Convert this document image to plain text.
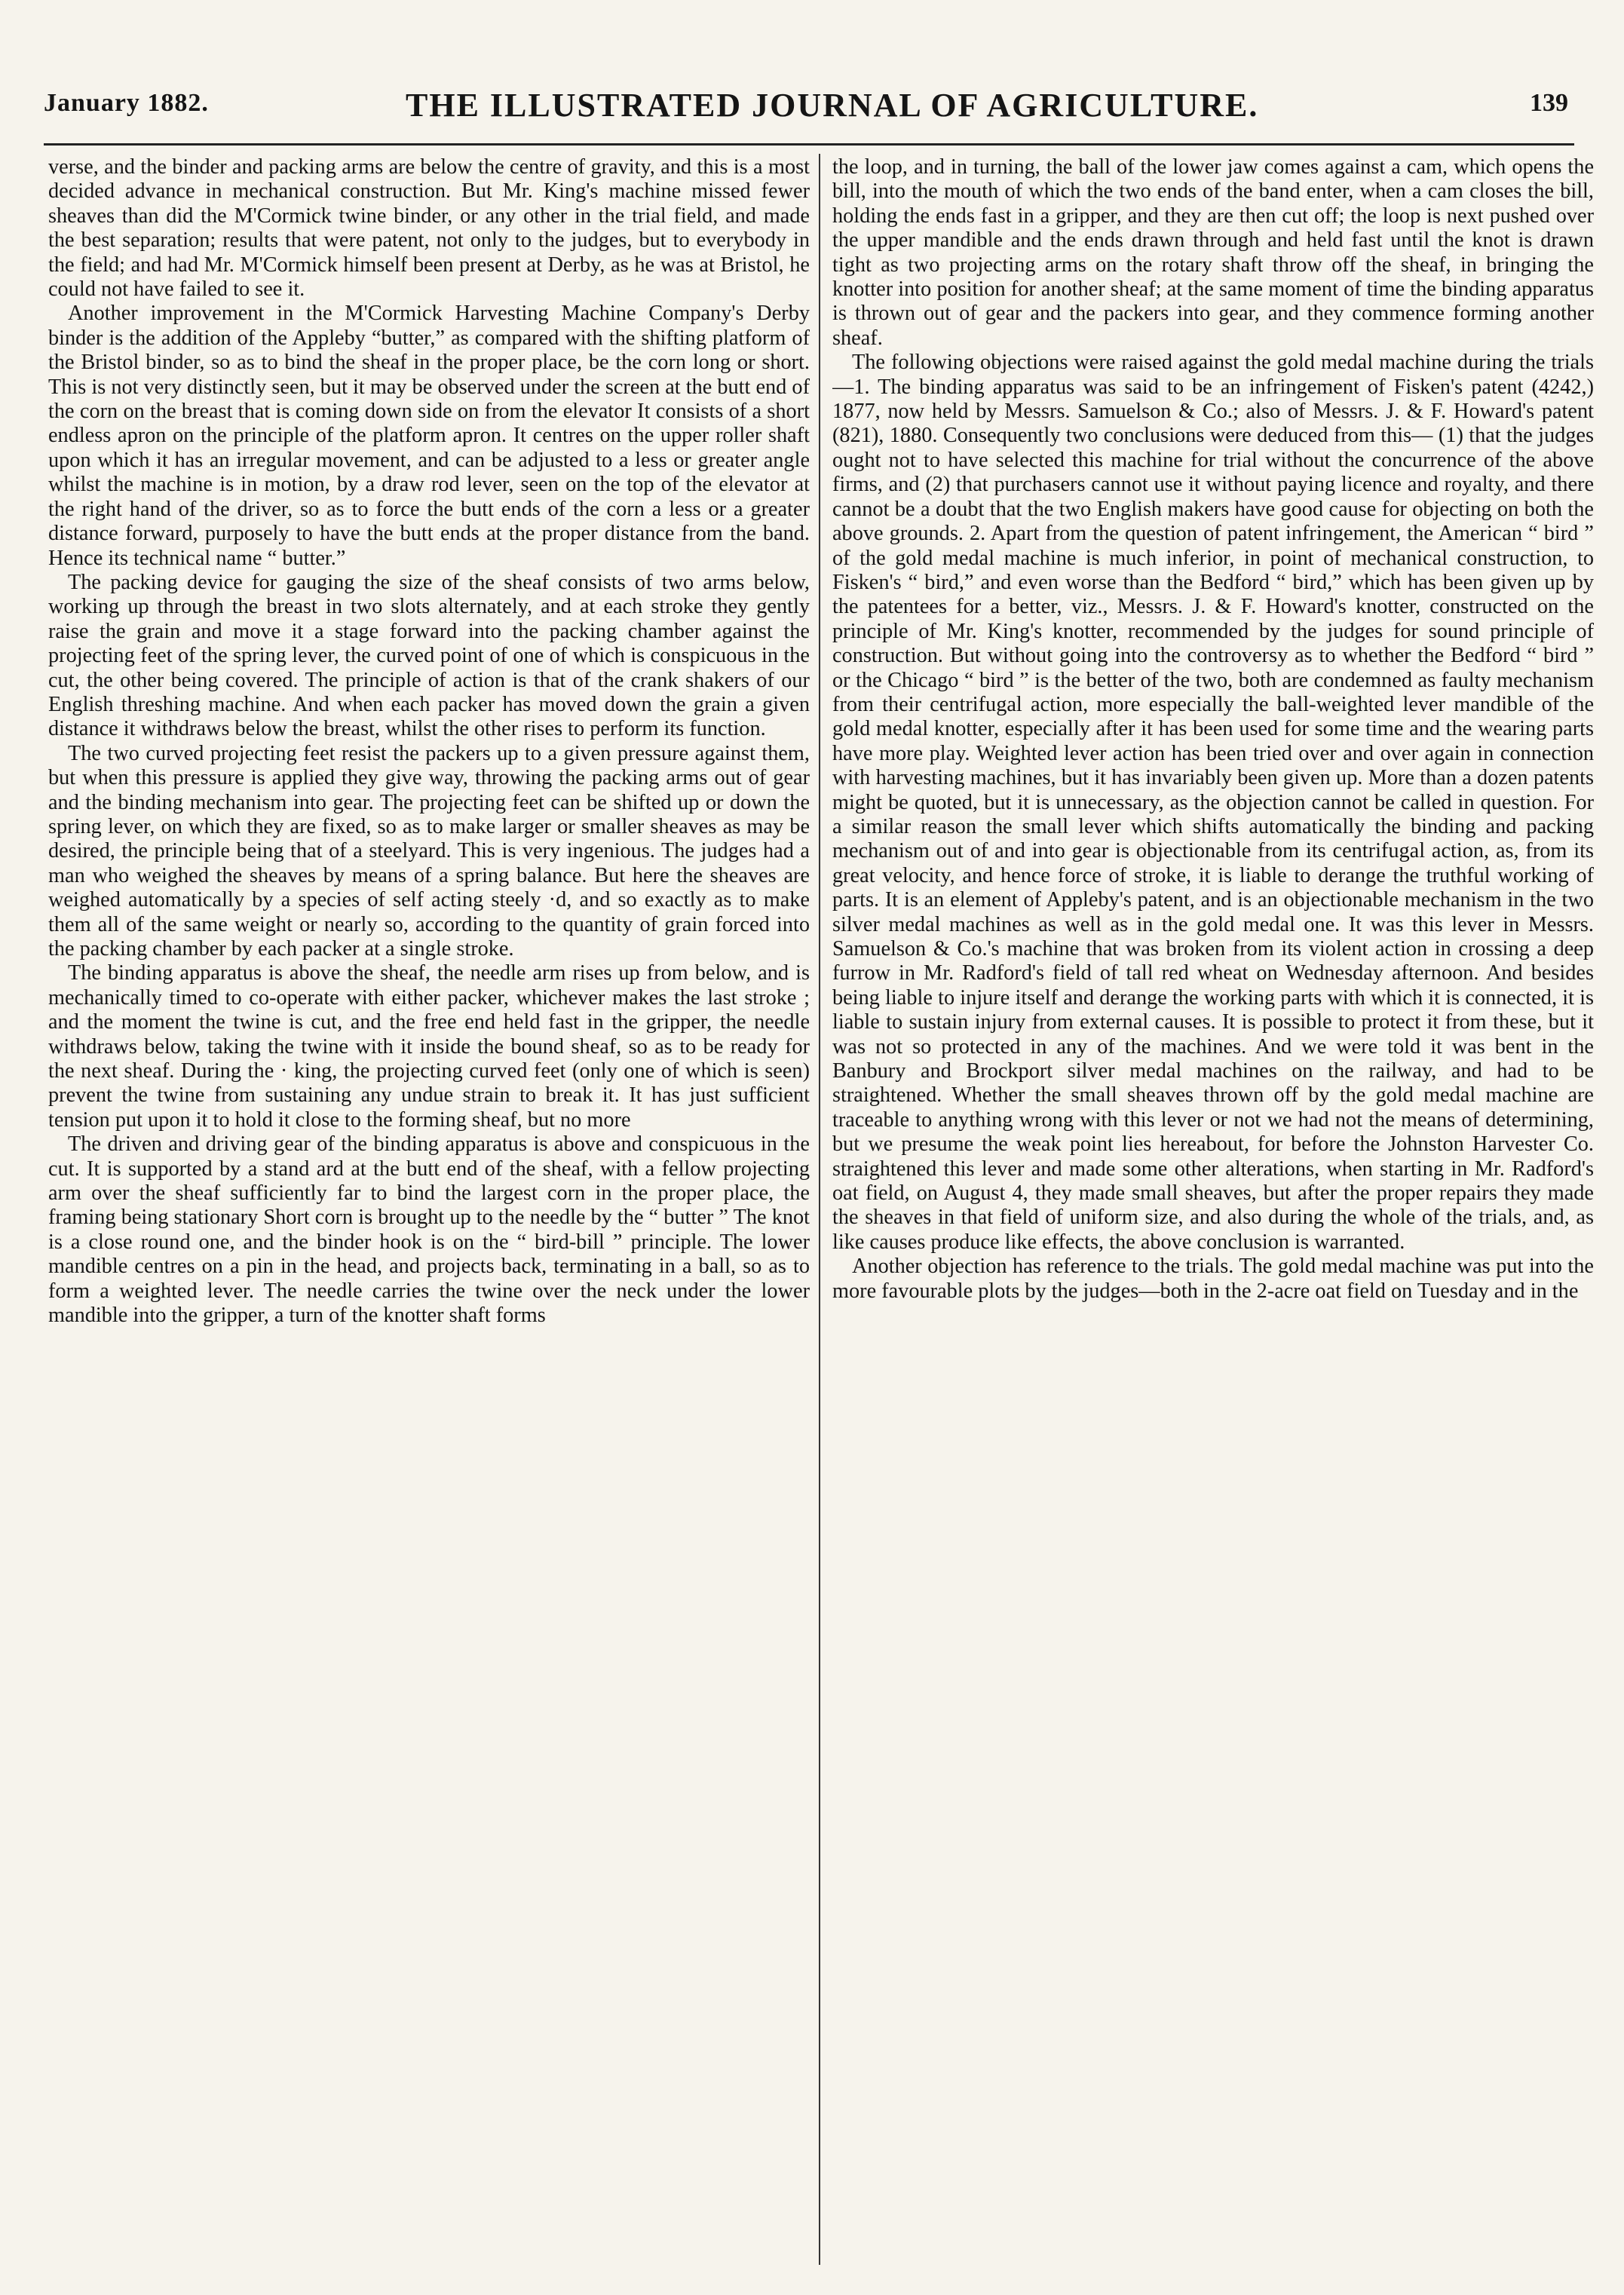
January 1882.	THE ILLUSTRATED JOURNAL OF AGRICULTURE.	139

verse, and the binder and packing arms are below the centre of gravity, and this is a most decided advance in mechanical construction. But Mr. King's machine missed fewer sheaves than did the M'Cormick twine binder, or any other in the trial field, and made the best separation; results that were patent, not only to the judges, but to everybody in the field; and had Mr. M'Cormick himself been present at Derby, as he was at Bristol, he could not have failed to see it.

Another improvement in the M'Cormick Harvesting Machine Company's Derby binder is the addition of the Appleby “butter,” as compared with the shifting platform of the Bristol binder, so as to bind the sheaf in the proper place, be the corn long or short. This is not very distinctly seen, but it may be observed under the screen at the butt end of the corn on the breast that is coming down side on from the elevator It consists of a short endless apron on the principle of the platform apron. It centres on the upper roller shaft upon which it has an irregular movement, and can be adjusted to a less or greater angle whilst the machine is in motion, by a draw rod lever, seen on the top of the elevator at the right hand of the driver, so as to force the butt ends of the corn a less or a greater distance forward, purposely to have the butt ends at the proper distance from the band. Hence its technical name “ butter.”

The packing device for gauging the size of the sheaf consists of two arms below, working up through the breast in two slots alternately, and at each stroke they gently raise the grain and move it a stage forward into the packing chamber against the projecting feet of the spring lever, the curved point of one of which is conspicuous in the cut, the other being covered. The principle of action is that of the crank shakers of our English threshing machine. And when each packer has moved down the grain a given distance it withdraws below the breast, whilst the other rises to perform its function.

The two curved projecting feet resist the packers up to a given pressure against them, but when this pressure is applied they give way, throwing the packing arms out of gear and the binding mechanism into gear. The projecting feet can be shifted up or down the spring lever, on which they are fixed, so as to make larger or smaller sheaves as may be desired, the principle being that of a steelyard. This is very ingenious. The judges had a man who weighed the sheaves by means of a spring balance. But here the sheaves are weighed automatically by a species of self acting steely ·d, and so exactly as to make them all of the same weight or nearly so, according to the quantity of grain forced into the packing chamber by each packer at a single stroke.

The binding apparatus is above the sheaf, the needle arm rises up from below, and is mechanically timed to co-operate with either packer, whichever makes the last stroke ; and the moment the twine is cut, and the free end held fast in the gripper, the needle withdraws below, taking the twine with it inside the bound sheaf, so as to be ready for the next sheaf. During the · king, the projecting curved feet (only one of which is seen) prevent the twine from sustaining any undue strain to break it. It has just sufficient tension put upon it to hold it close to the forming sheaf, but no more

The driven and driving gear of the binding apparatus is above and conspicuous in the cut. It is supported by a stand ard at the butt end of the sheaf, with a fellow projecting arm over the sheaf sufficiently far to bind the largest corn in the proper place, the framing being stationary Short corn is brought up to the needle by the “ butter ” The knot is a close round one, and the binder hook is on the “ bird-bill ” principle. The lower mandible centres on a pin in the head, and projects back, terminating in a ball, so as to form a weighted lever. The needle carries the twine over the neck under the lower mandible into the gripper, a turn of the knotter shaft forms

the loop, and in turning, the ball of the lower jaw comes against a cam, which opens the bill, into the mouth of which the two ends of the band enter, when a cam closes the bill, holding the ends fast in a gripper, and they are then cut off; the loop is next pushed over the upper mandible and the ends drawn through and held fast until the knot is drawn tight as two projecting arms on the rotary shaft throw off the sheaf, in bringing the knotter into position for another sheaf; at the same moment of time the binding apparatus is thrown out of gear and the packers into gear, and they commence forming another sheaf.

The following objections were raised against the gold medal machine during the trials—1. The binding apparatus was said to be an infringement of Fisken's patent (4242,) 1877, now held by Messrs. Samuelson & Co.; also of Messrs. J. & F. Howard's patent (821), 1880. Consequently two conclusions were deduced from this— (1) that the judges ought not to have selected this machine for trial without the concurrence of the above firms, and (2) that purchasers cannot use it without paying licence and royalty, and there cannot be a doubt that the two English makers have good cause for objecting on both the above grounds. 2. Apart from the question of patent infringement, the American “ bird ” of the gold medal machine is much inferior, in point of mechanical construction, to Fisken's “ bird,” and even worse than the Bedford “ bird,” which has been given up by the patentees for a better, viz., Messrs. J. & F. Howard's knotter, constructed on the principle of Mr. King's knotter, recommended by the judges for sound principle of construction. But without going into the controversy as to whether the Bedford “ bird ” or the Chicago “ bird ” is the better of the two, both are condemned as faulty mechanism from their centrifugal action, more especially the ball-weighted lever mandible of the gold medal knotter, especially after it has been used for some time and the wearing parts have more play. Weighted lever action has been tried over and over again in connection with harvesting machines, but it has invariably been given up. More than a dozen patents might be quoted, but it is unnecessary, as the objection cannot be called in question. For a similar reason the small lever which shifts automatically the binding and packing mechanism out of and into gear is objectionable from its centrifugal action, as, from its great velocity, and hence force of stroke, it is liable to derange the truthful working of parts. It is an element of Appleby's patent, and is an objectionable mechanism in the two silver medal machines as well as in the gold medal one. It was this lever in Messrs. Samuelson & Co.'s machine that was broken from its violent action in crossing a deep furrow in Mr. Radford's field of tall red wheat on Wednesday afternoon. And besides being liable to injure itself and derange the working parts with which it is connected, it is liable to sustain injury from external causes. It is possible to protect it from these, but it was not so protected in any of the machines. And we were told it was bent in the Banbury and Brockport silver medal machines on the railway, and had to be straightened. Whether the small sheaves thrown off by the gold medal machine are traceable to anything wrong with this lever or not we had not the means of determining, but we presume the weak point lies hereabout, for before the Johnston Harvester Co. straightened this lever and made some other alterations, when starting in Mr. Radford's oat field, on August 4, they made small sheaves, but after the proper repairs they made the sheaves in that field of uniform size, and also during the whole of the trials, and, as like causes produce like effects, the above conclusion is warranted.

Another objection has reference to the trials. The gold medal machine was put into the more favourable plots by the judges—both in the 2-acre oat field on Tuesday and in the
